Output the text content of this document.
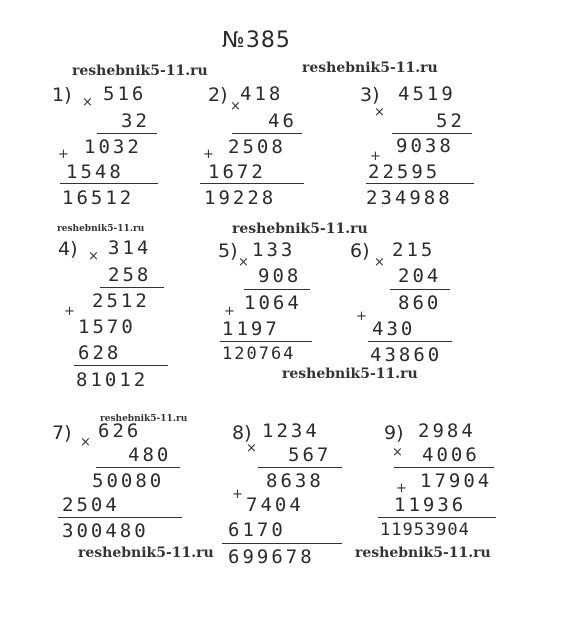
№385
reshebnik5-11.ru	reshebnik5-11.ru
reshebnik5-11.ru	reshebnik5-11.ru
reshebnik5-11.ru
reshebnik5-11.ru
reshebnik5-11.ru	reshebnik5-11.ru
1) × 516
32
+ 1032
1548
16512
2)
×
418
46
+ 2508
1672
19228
3)
×
4519
52
+ 9038
22595
234988
4) × 314
258
+ 2512
1570
628
81012
5)
×
133
908
+ 1064
1197
120764
6)
×
215
204
+
860
430
43860
7) ×
626
480
50080
2504
300480
8)
×
1234
567
+
8638
7404
6170
699678
9)
×
2984
4006
+ 17904
11936
11953904
